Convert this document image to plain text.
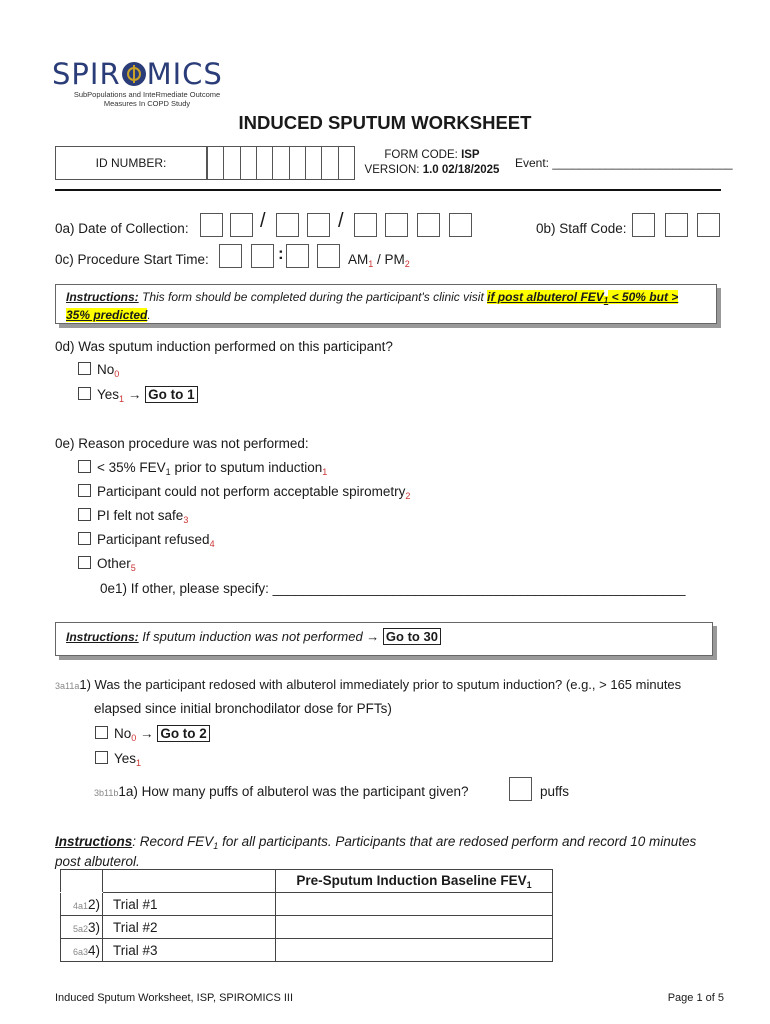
SPIR MICS
SubPopulations and InteRmediate Outcome
Measures In COPD Study
INDUCED SPUTUM WORKSHEET
ID NUMBER:
FORM CODE: ISP
VERSION: 1.0 02/18/2025 Event: ___________________________
0a) Date of Collection:	0b) Staff Code:
0c) Procedure Start Time:
/	/
:	$AM_1 / PM_2$
Instructions: This form should be completed during the participant's clinic visit if post albuterol FEV1 < 50% but >
35% predicted.
0d) Was sputum induction performed on this participant?
$No_0$
Yes$_1$ → Go to 1
0e) Reason procedure was not performed:
< 35% $FEV_1$ prior to sputum induction$_1$
Participant could not perform acceptable spirometry$_2$
PI felt not safe$_3$
Participant refused$_4$
Other$_5$
0e1) If other, please specify: _______________________________________________________
Instructions: If sputum induction was not performed → Go to 30
3a11a1) Was the participant redosed with albuterol immediately prior to sputum induction? (e.g., > 165 minutes
elapsed since initial bronchodilator dose for PFTs)
$No_0 \to Go$ to 2
Yes$_1$
3b11b1a) How many puffs of albuterol was the participant given?	puffs
Instructions: Record $FEV_1$ for all participants. Participants that are redosed perform and record 10 minutes
post albuterol.
		Pre-Sputum Induction Baseline $FEV_1$
4a12)	Trial #1	
5a23)	Trial #2	
6a34)	Trial #3	
Induced Sputum Worksheet, ISP, SPIROMICS III	Page 1 of 5
